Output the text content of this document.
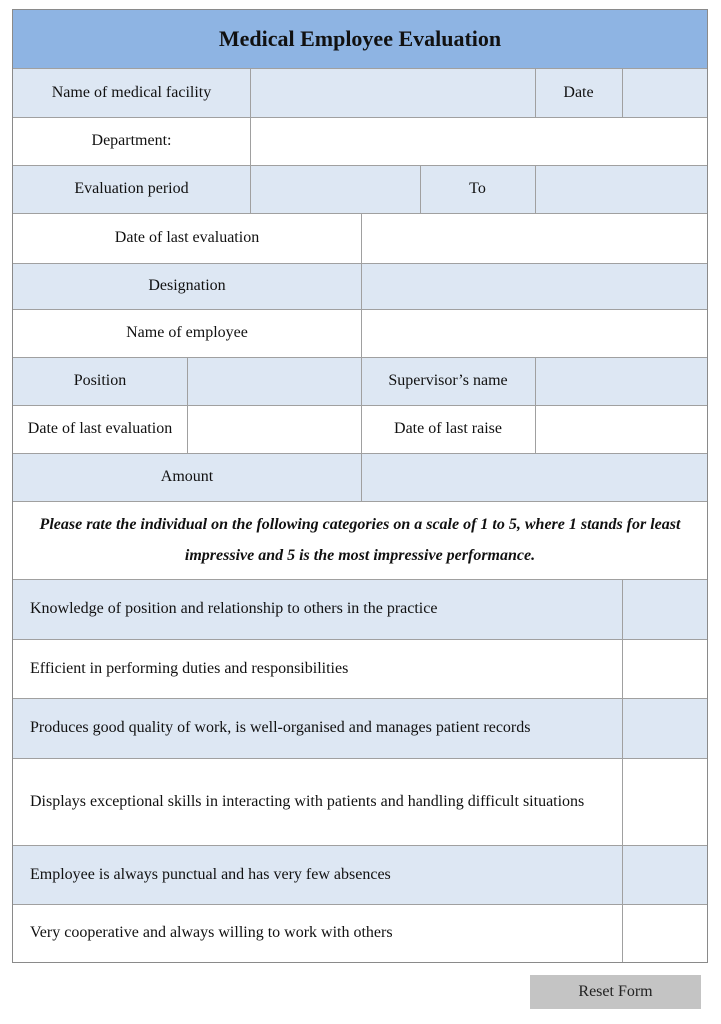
Medical Employee Evaluation
Name of medical facility	Date
Department:
Evaluation period	To
Date of last evaluation
Designation
Name of employee
Position	Supervisor’s name
Date of last evaluation	Date of last raise
Amount
Please rate the individual on the following categories on a scale of 1 to 5, where 1 stands for least impressive and 5 is the most impressive performance.
Knowledge of position and relationship to others in the practice
Efficient in performing duties and responsibilities
Produces good quality of work, is well-organised and manages patient records
Displays exceptional skills in interacting with patients and handling difficult situations
Employee is always punctual and has very few absences
Very cooperative and always willing to work with others
Reset Form
